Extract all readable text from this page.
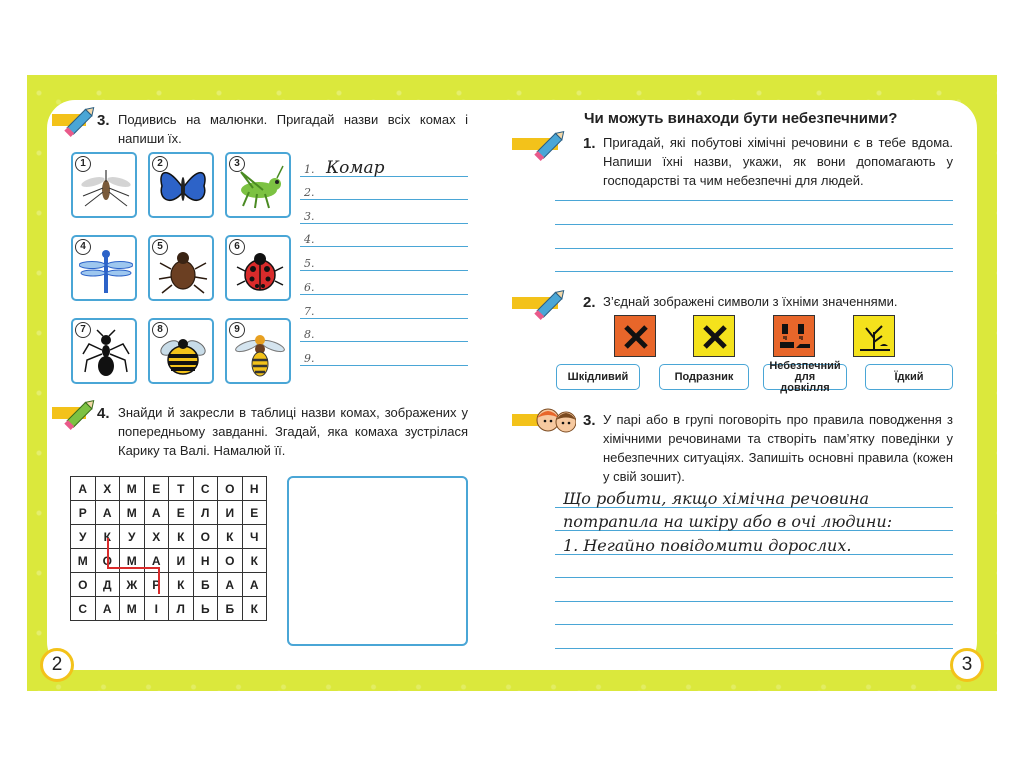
3. Подивись на малюнки. Пригадай назви всіх комах і напиши їх.
1	2	3
4	5	6
7	8	9
1.
2.
3.
4.
5.
6.
7.
8.
9.
Комар
4. Знайди й закресли в таблиці назви комах, зображених у попередньому завданні. Згадай, яка комаха зустрілася Карику та Валі. Намалюй її.
А	Х	М	Е	Т	С	О	Н
Р	А	М	А	Е	Л	И	Е
У	К	У	Х	К	О	К	Ч
М	О	М	А	И	Н	О	К
О	Д	Ж	Р	К	Б	А	А
С	А	М	І	Л	Ь	Б	К
2
Чи можуть винаходи бути небезпечними?
1. Пригадай, які побутові хімічні речовини є в тебе вдома. Напиши їхні назви, укажи, як вони допомагають у господарстві та чим небезпечні для людей.
2. З’єднай зображені символи з їхніми значеннями.
Шкідливий	Подразник
Небезпечний для довкілля
Їдкий
3. У парі або в групі поговоріть про правила поводження з хімічними речовинами та створіть пам’ятку поведінки у небезпечних ситуаціях. Запишіть основні правила (кожен у свій зошит).
Що робити, якщо хімічна речовина
потрапила на шкіру або в очі людини:
1. Негайно повідомити дорослих.
3
